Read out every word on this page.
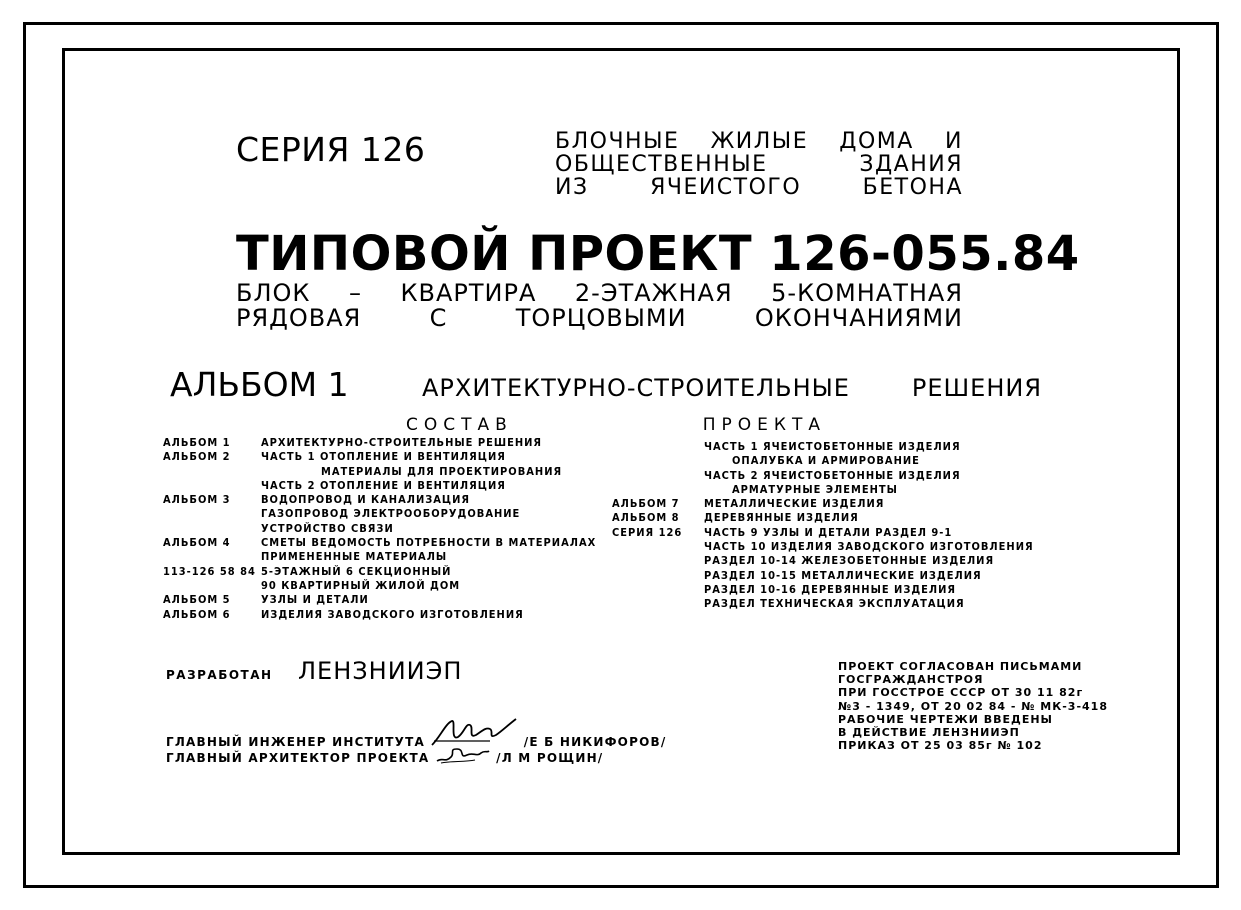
СЕРИЯ 126	БЛОЧНЫЕ ЖИЛЫЕ ДОМА И
ОБЩЕСТВЕННЫЕ ЗДАНИЯ
ИЗ ЯЧЕИСТОГО БЕТОНА
ТИПОВОЙ ПРОЕКТ 126-055.84
БЛОК – КВАРТИРА 2-ЭТАЖНАЯ 5-КОМНАТНАЯ
РЯДОВАЯ С ТОРЦОВЫМИ ОКОНЧАНИЯМИ
АЛЬБОМ 1	АРХИТЕКТУРНО-СТРОИТЕЛЬНЫЕ РЕШЕНИЯ
СОСТАВ ПРОЕКТА
АЛЬБОМ 1	АРХИТЕКТУРНО-СТРОИТЕЛЬНЫЕ РЕШЕНИЯ
АЛЬБОМ 2	ЧАСТЬ 1 ОТОПЛЕНИЕ И ВЕНТИЛЯЦИЯ
МАТЕРИАЛЫ ДЛЯ ПРОЕКТИРОВАНИЯ
ЧАСТЬ 2 ОТОПЛЕНИЕ И ВЕНТИЛЯЦИЯ
АЛЬБОМ 3	ВОДОПРОВОД И КАНАЛИЗАЦИЯ
ГАЗОПРОВОД ЭЛЕКТРООБОРУДОВАНИЕ
УСТРОЙСТВО СВЯЗИ
АЛЬБОМ 4	СМЕТЫ ВЕДОМОСТЬ ПОТРЕБНОСТИ В МАТЕРИАЛАХ
ПРИМЕНЕННЫЕ МАТЕРИАЛЫ
113-126 58 84 5-ЭТАЖНЫЙ 6 СЕКЦИОННЫЙ
90 КВАРТИРНЫЙ ЖИЛОЙ ДОМ
АЛЬБОМ 5	УЗЛЫ И ДЕТАЛИ
АЛЬБОМ 6	ИЗДЕЛИЯ ЗАВОДСКОГО ИЗГОТОВЛЕНИЯ
ЧАСТЬ 1 ЯЧЕИСТОБЕТОННЫЕ ИЗДЕЛИЯ
ОПАЛУБКА И АРМИРОВАНИЕ
ЧАСТЬ 2 ЯЧЕИСТОБЕТОННЫЕ ИЗДЕЛИЯ
АРМАТУРНЫЕ ЭЛЕМЕНТЫ
АЛЬБОМ 7	МЕТАЛЛИЧЕСКИЕ ИЗДЕЛИЯ
АЛЬБОМ 8	ДЕРЕВЯННЫЕ ИЗДЕЛИЯ
СЕРИЯ 126	ЧАСТЬ 9 УЗЛЫ И ДЕТАЛИ РАЗДЕЛ 9-1
ЧАСТЬ 10 ИЗДЕЛИЯ ЗАВОДСКОГО ИЗГОТОВЛЕНИЯ
РАЗДЕЛ 10-14 ЖЕЛЕЗОБЕТОННЫЕ ИЗДЕЛИЯ
РАЗДЕЛ 10-15 МЕТАЛЛИЧЕСКИЕ ИЗДЕЛИЯ
РАЗДЕЛ 10-16 ДЕРЕВЯННЫЕ ИЗДЕЛИЯ
РАЗДЕЛ ТЕХНИЧЕСКАЯ ЭКСПЛУАТАЦИЯ
РАЗРАБОТАН ЛЕНЗНИИЭП
ГЛАВНЫЙ ИНЖЕНЕР ИНСТИТУТА	/Е Б НИКИФОРОВ/
ГЛАВНЫЙ АРХИТЕКТОР ПРОЕКТА	/Л М РОЩИН/
ПРОЕКТ СОГЛАСОВАН ПИСЬМАМИ
ГОСГРАЖДАНСТРОЯ
ПРИ ГОССТРОЕ СССР ОТ 30 11 82г
№3 - 1349, ОТ 20 02 84 - № МК-3-418
РАБОЧИЕ ЧЕРТЕЖИ ВВЕДЕНЫ
В ДЕЙСТВИЕ ЛЕНЗНИИЭП
ПРИКАЗ ОТ 25 03 85г № 102
